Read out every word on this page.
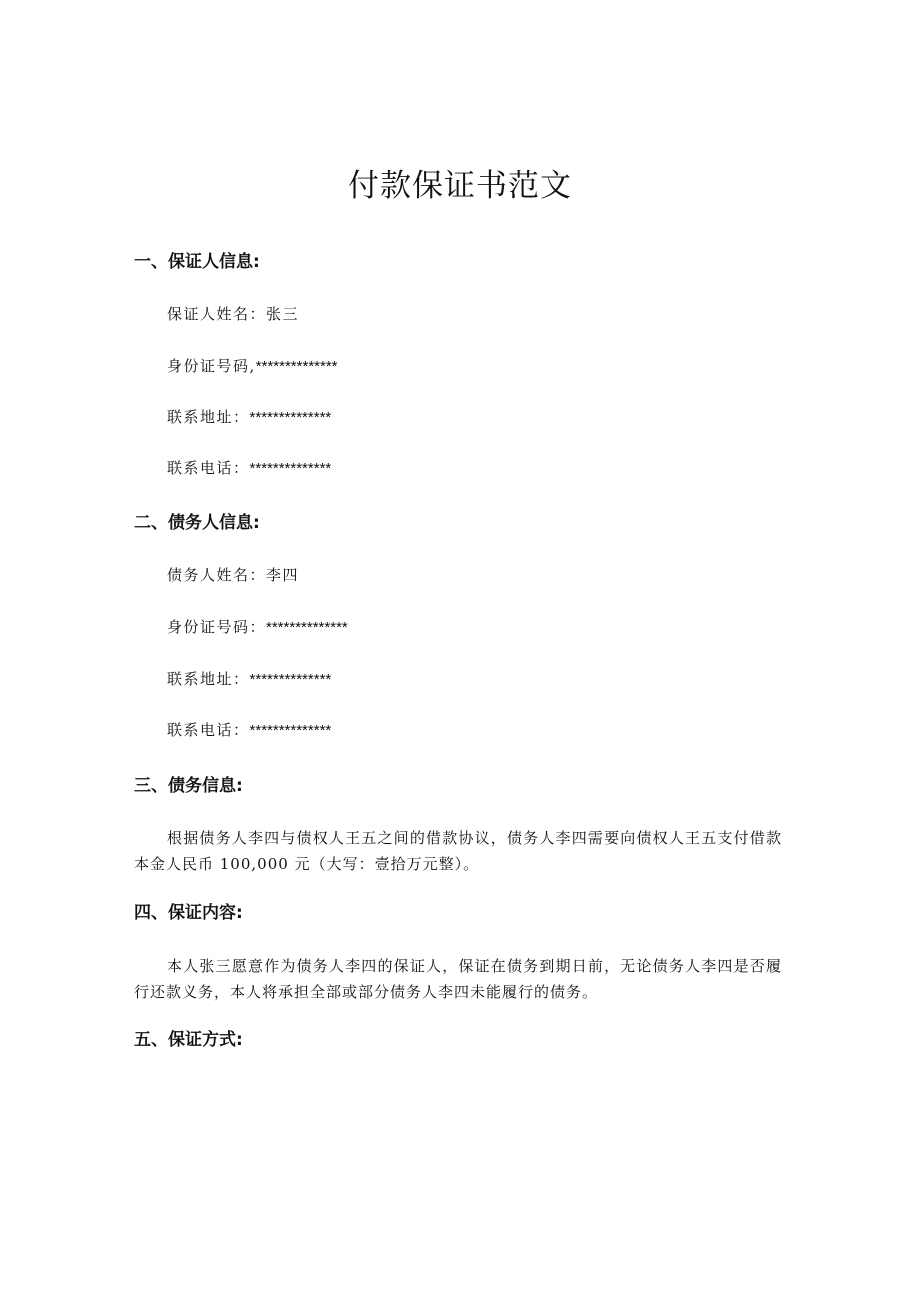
付款保证书范文
一、保证人信息:
保证人姓名：张三
身份证号码,**************
联系地址：**************
联系电话：**************
二、债务人信息:
债务人姓名：李四
身份证号码：**************
联系地址：**************
联系电话：**************
三、债务信息:
根据债务人李四与债权人王五之间的借款协议，债务人李四需要向债权人王五支付借款本金人民币 100,000 元（大写：壹拾万元整）。
四、保证内容:
本人张三愿意作为债务人李四的保证人，保证在债务到期日前，无论债务人李四是否履行还款义务，本人将承担全部或部分债务人李四未能履行的债务。
五、保证方式:
